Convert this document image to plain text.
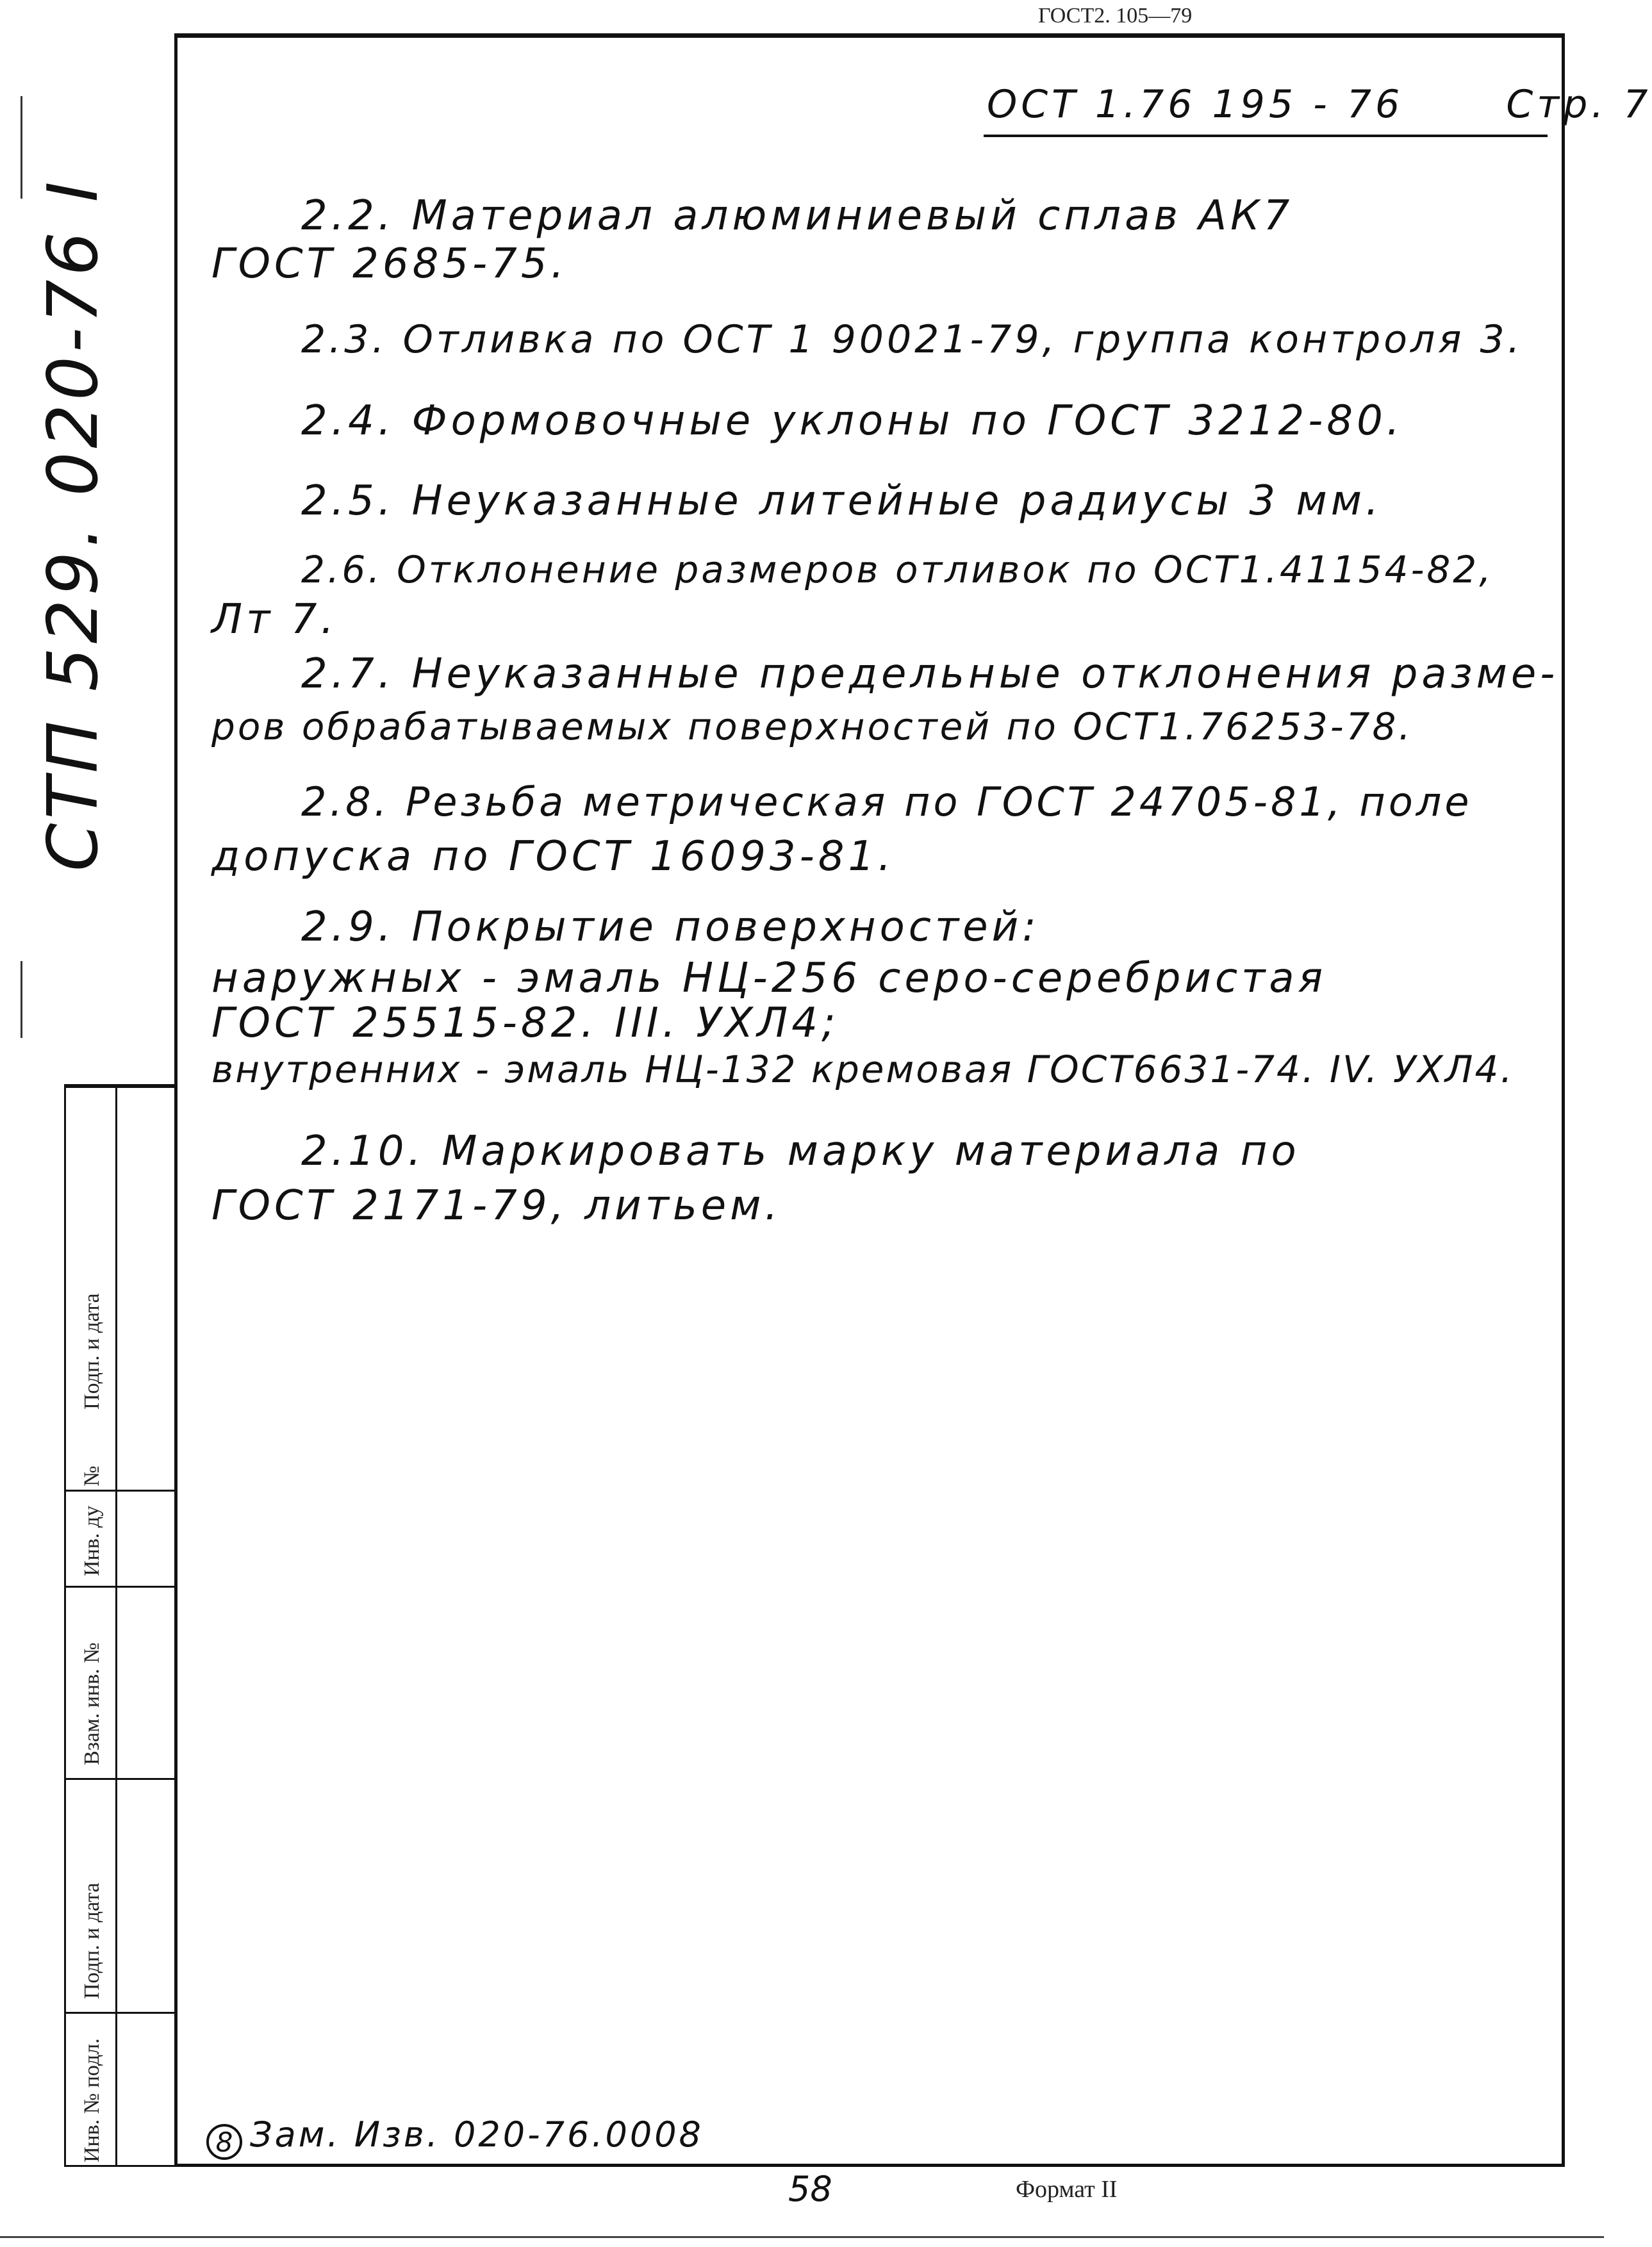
ГОСТ2. 105—79
СТП 529. 020-76 I
Инв. № подл.
Подп. и дата
Взам. инв. №
Инв. ду
№
Подп. и дата
ОСТ 1.76 195 - 76	Стр. 7
2.2. Материал алюминиевый сплав АК7
ГОСТ 2685-75.
2.3. Отливка по ОСТ 1 90021-79, группа контроля 3.
2.4. Формовочные уклоны по ГОСТ 3212-80.
2.5. Неуказанные литейные радиусы 3 мм.
2.6. Отклонение размеров отливок по ОСТ1.41154-82,
Лт 7.
2.7. Неуказанные предельные отклонения разме-
ров обрабатываемых поверхностей по ОСТ1.76253-78.
2.8. Резьба метрическая по ГОСТ 24705-81, поле
допуска по ГОСТ 16093-81.
2.9. Покрытие поверхностей:
наружных - эмаль НЦ-256 серо-серебристая
ГОСТ 25515-82. III. УХЛ4;
внутренних - эмаль НЦ-132 кремовая ГОСТ6631-74. IV. УХЛ4.
2.10. Маркировать марку материала по
ГОСТ 2171-79, литьем.
8 Зам. Изв. 020-76.0008
58	Формат II
